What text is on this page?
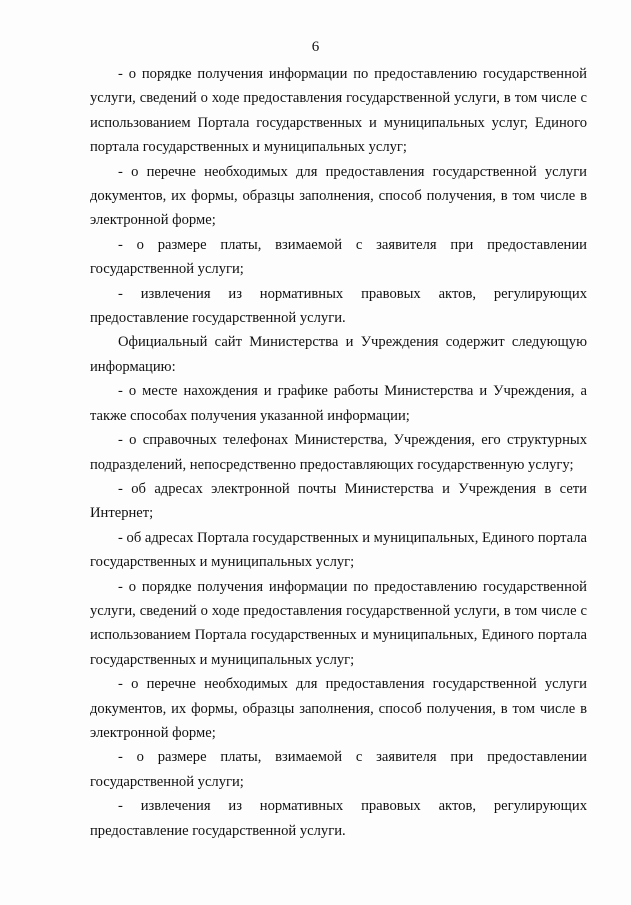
6

- о порядке получения информации по предоставлению государственной услуги, сведений о ходе предоставления государственной услуги, в том числе с использованием Портала государственных и муниципальных услуг, Единого портала государственных и муниципальных услуг;

- о перечне необходимых для предоставления государственной услуги документов, их формы, образцы заполнения, способ получения, в том числе в электронной форме;

- о размере платы, взимаемой с заявителя при предоставлении государственной услуги;

- извлечения из нормативных правовых актов, регулирующих предоставление государственной услуги.

Официальный сайт Министерства и Учреждения содержит следующую информацию:

- о месте нахождения и графике работы Министерства и Учреждения, а также способах получения указанной информации;

- о справочных телефонах Министерства, Учреждения, его структурных подразделений, непосредственно предоставляющих государственную услугу;

- об адресах электронной почты Министерства и Учреждения в сети Интернет;

- об адресах Портала государственных и муниципальных, Единого портала государственных и муниципальных услуг;

- о порядке получения информации по предоставлению государственной услуги, сведений о ходе предоставления государственной услуги, в том числе с использованием Портала государственных и муниципальных, Единого портала государственных и муниципальных услуг;

- о перечне необходимых для предоставления государственной услуги документов, их формы, образцы заполнения, способ получения, в том числе в электронной форме;

- о размере платы, взимаемой с заявителя при предоставлении государственной услуги;

- извлечения из нормативных правовых актов, регулирующих предоставление государственной услуги.
